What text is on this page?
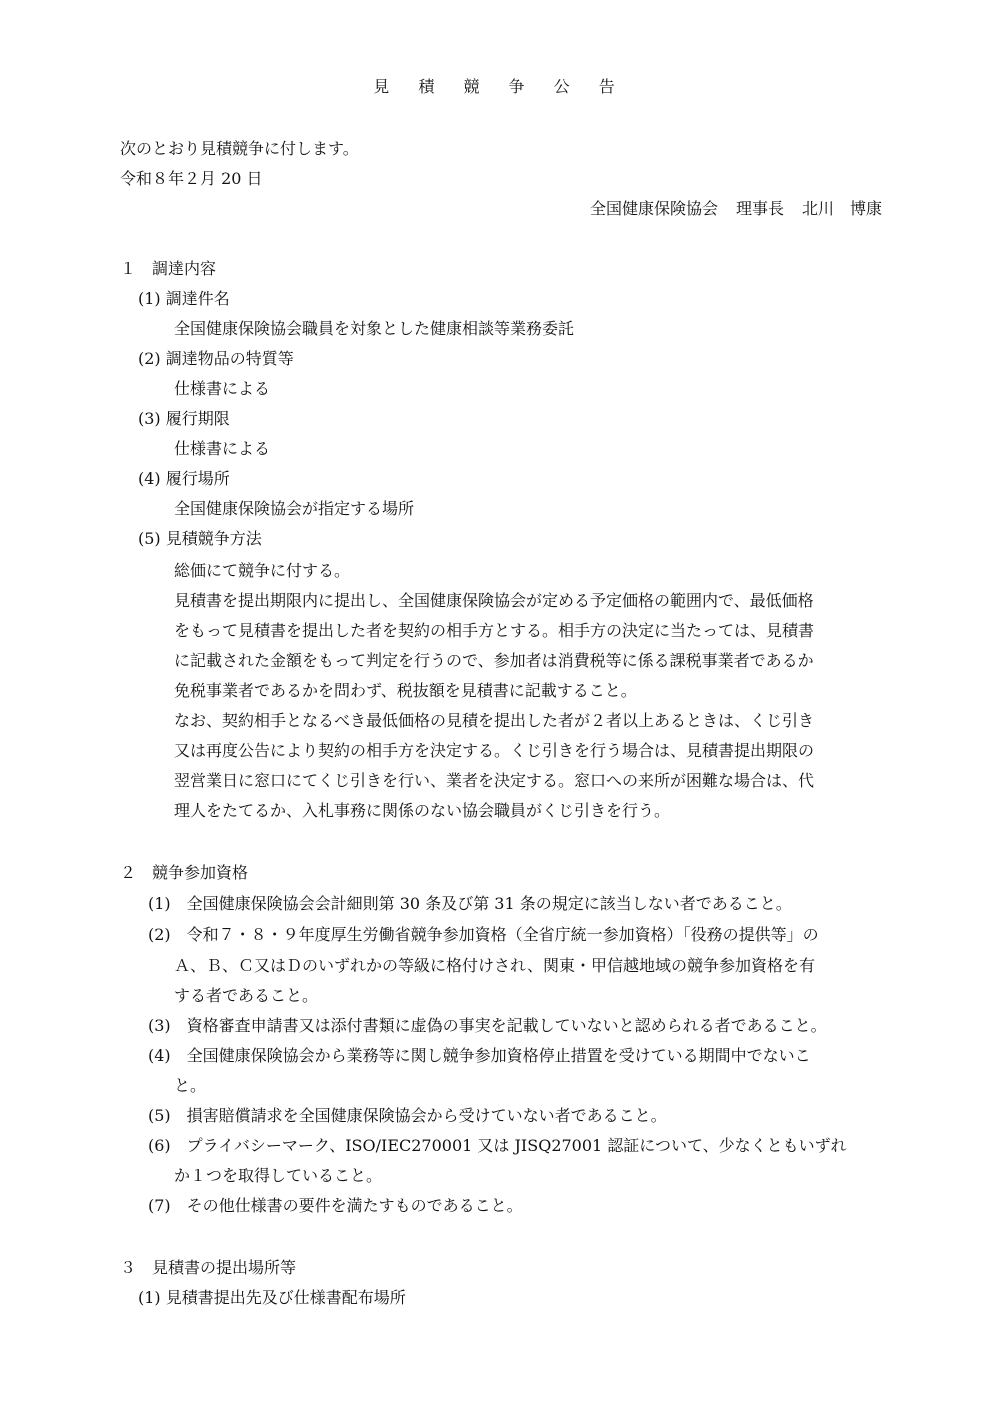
見 積 競 争 公 告
次のとおり見積競争に付します。
令和８年２月 20 日
全国健康保険協会 理事長 北川　博康
１　調達内容
(1) 調達件名
全国健康保険協会職員を対象とした健康相談等業務委託
(2) 調達物品の特質等
仕様書による
(3) 履行期限
仕様書による
(4) 履行場所
全国健康保険協会が指定する場所
(5) 見積競争方法
総価にて競争に付する。
見積書を提出期限内に提出し、全国健康保険協会が定める予定価格の範囲内で、最低価格
をもって見積書を提出した者を契約の相手方とする。相手方の決定に当たっては、見積書
に記載された金額をもって判定を行うので、参加者は消費税等に係る課税事業者であるか
免税事業者であるかを問わず、税抜額を見積書に記載すること。
なお、契約相手となるべき最低価格の見積を提出した者が２者以上あるときは、くじ引き
又は再度公告により契約の相手方を決定する。くじ引きを行う場合は、見積書提出期限の
翌営業日に窓口にてくじ引きを行い、業者を決定する。窓口への来所が困難な場合は、代
理人をたてるか、入札事務に関係のない協会職員がくじ引きを行う。
２　競争参加資格
(1)　全国健康保険協会会計細則第 30 条及び第 31 条の規定に該当しない者であること。
(2)　令和７・８・９年度厚生労働省競争参加資格（全省庁統一参加資格）「役務の提供等」の
Ａ、Ｂ、Ｃ又はＤのいずれかの等級に格付けされ、関東・甲信越地域の競争参加資格を有
する者であること。
(3)　資格審査申請書又は添付書類に虚偽の事実を記載していないと認められる者であること。
(4)　全国健康保険協会から業務等に関し競争参加資格停止措置を受けている期間中でないこ
と。
(5)　損害賠償請求を全国健康保険協会から受けていない者であること。
(6)　プライバシーマーク、ISO/IEC270001 又は JISQ27001 認証について、少なくともいずれ
か１つを取得していること。
(7)　その他仕様書の要件を満たすものであること。
３　見積書の提出場所等
(1) 見積書提出先及び仕様書配布場所
